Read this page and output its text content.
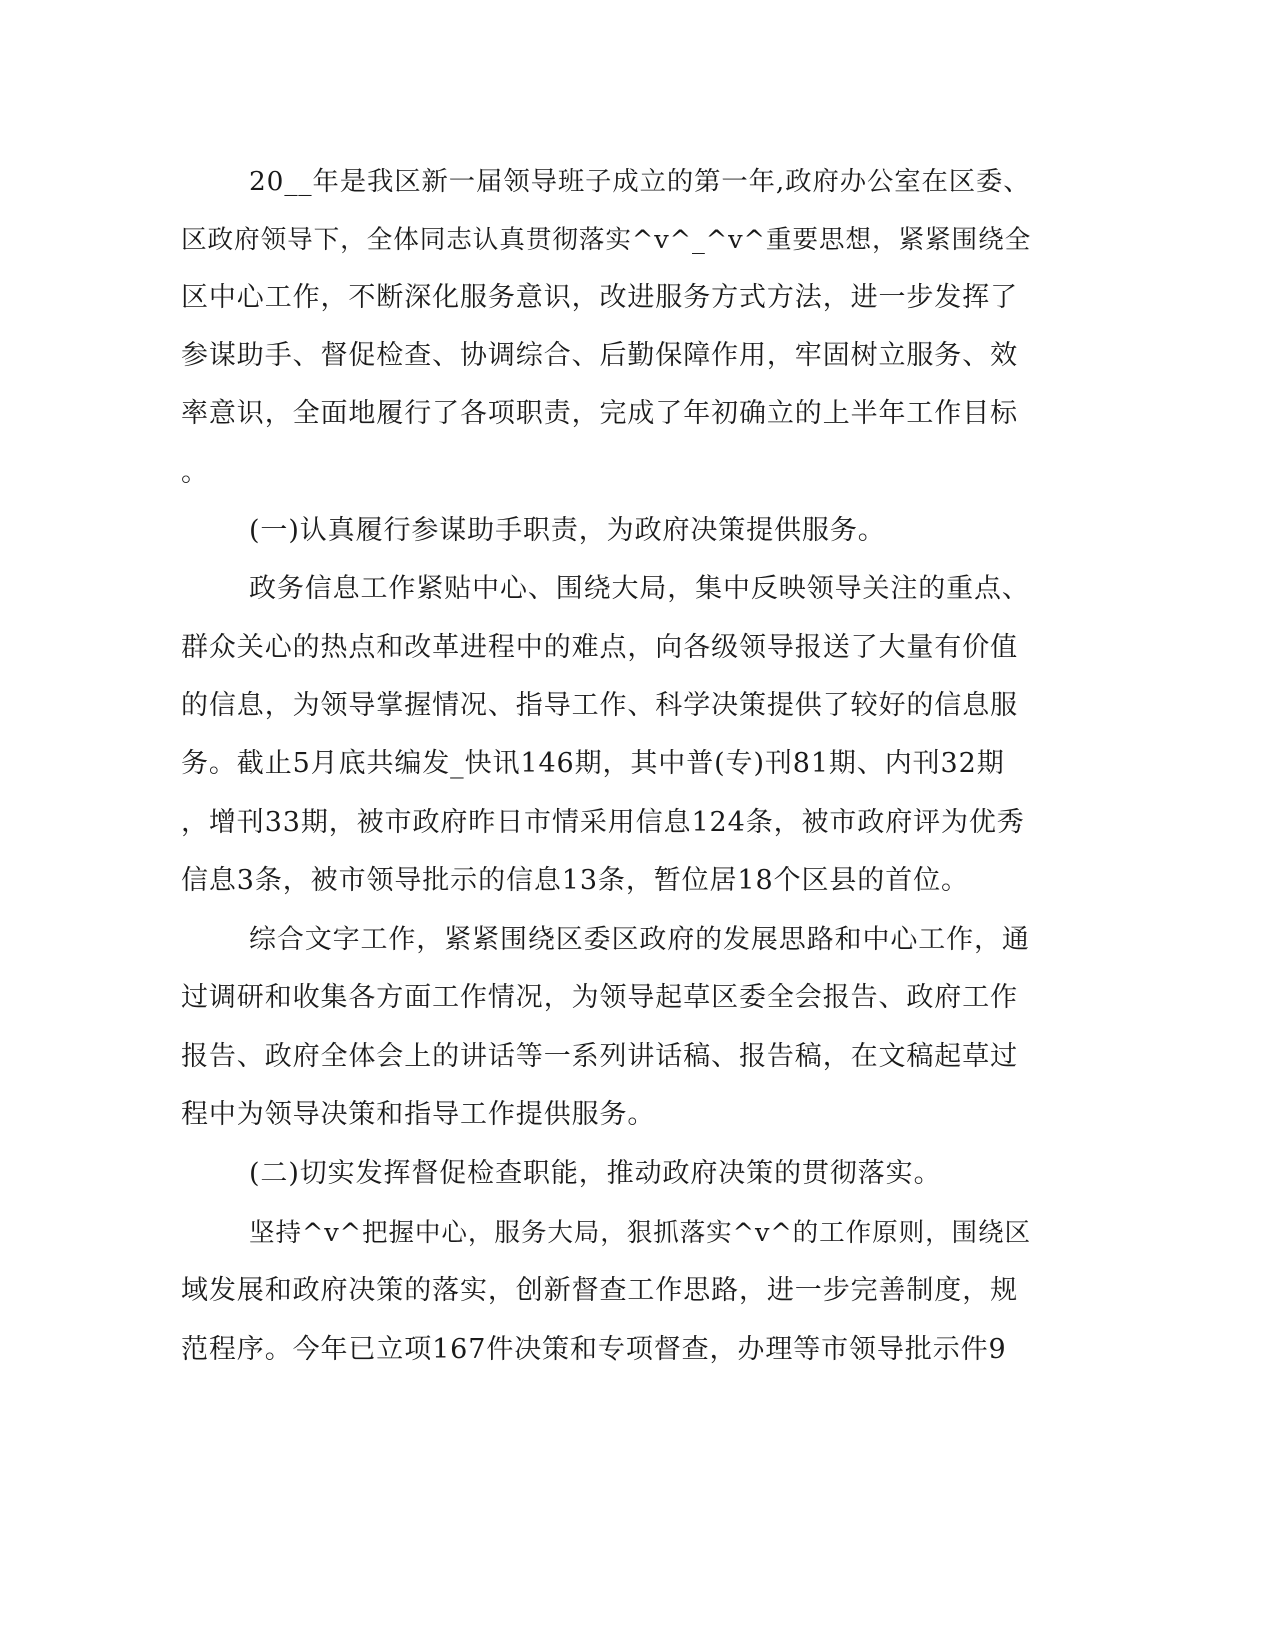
20__年是我区新一届领导班子成立的第一年,政府办公室在区委、

区政府领导下，全体同志认真贯彻落实^v^_^v^重要思想，紧紧围绕全

区中心工作，不断深化服务意识，改进服务方式方法，进一步发挥了

参谋助手、督促检查、协调综合、后勤保障作用，牢固树立服务、效

率意识，全面地履行了各项职责，完成了年初确立的上半年工作目标

。

(一)认真履行参谋助手职责，为政府决策提供服务。

政务信息工作紧贴中心、围绕大局，集中反映领导关注的重点、

群众关心的热点和改革进程中的难点，向各级领导报送了大量有价值

的信息，为领导掌握情况、指导工作、科学决策提供了较好的信息服

务。截止5月底共编发_快讯146期，其中普(专)刊81期、内刊32期

，增刊33期，被市政府昨日市情采用信息124条，被市政府评为优秀

信息3条，被市领导批示的信息13条，暂位居18个区县的首位。

综合文字工作，紧紧围绕区委区政府的发展思路和中心工作，通

过调研和收集各方面工作情况，为领导起草区委全会报告、政府工作

报告、政府全体会上的讲话等一系列讲话稿、报告稿，在文稿起草过

程中为领导决策和指导工作提供服务。

(二)切实发挥督促检查职能，推动政府决策的贯彻落实。

坚持^v^把握中心，服务大局，狠抓落实^v^的工作原则，围绕区

域发展和政府决策的落实，创新督查工作思路，进一步完善制度，规

范程序。今年已立项167件决策和专项督查，办理等市领导批示件9
